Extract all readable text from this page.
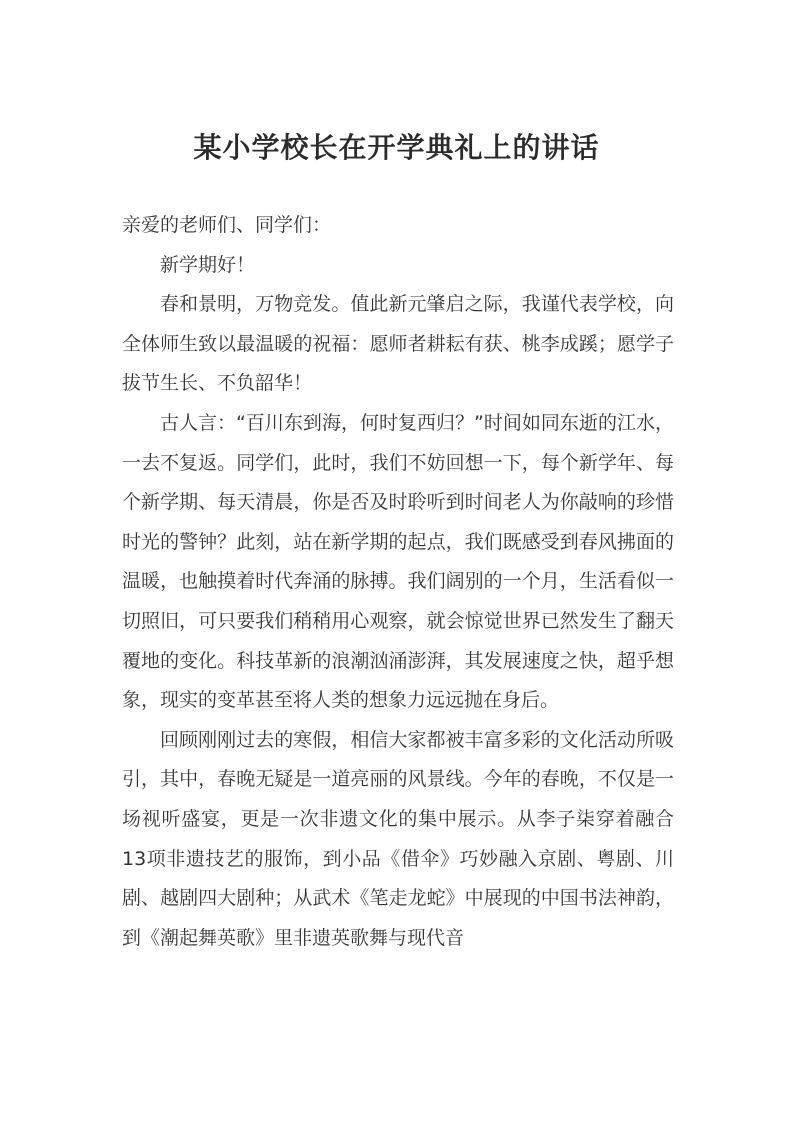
某小学校长在开学典礼上的讲话

亲爱的老师们、同学们：

新学期好！

春和景明，万物竞发。值此新元肇启之际，我谨代表学校，向全体师生致以最温暖的祝福：愿师者耕耘有获、桃李成蹊；愿学子拔节生长、不负韶华！

古人言：“百川东到海，何时复西归？”时间如同东逝的江水，一去不复返。同学们，此时，我们不妨回想一下，每个新学年、每个新学期、每天清晨，你是否及时聆听到时间老人为你敲响的珍惜时光的警钟？此刻，站在新学期的起点，我们既感受到春风拂面的温暖，也触摸着时代奔涌的脉搏。我们阔别的一个月，生活看似一切照旧，可只要我们稍稍用心观察，就会惊觉世界已然发生了翻天覆地的变化。科技革新的浪潮汹涌澎湃，其发展速度之快，超乎想象，现实的变革甚至将人类的想象力远远抛在身后。

回顾刚刚过去的寒假，相信大家都被丰富多彩的文化活动所吸引，其中，春晚无疑是一道亮丽的风景线。今年的春晚，不仅是一场视听盛宴，更是一次非遗文化的集中展示。从李子柒穿着融合13项非遗技艺的服饰，到小品《借伞》巧妙融入京剧、粤剧、川剧、越剧四大剧种；从武术《笔走龙蛇》中展现的中国书法神韵，到《潮起舞英歌》里非遗英歌舞与现代音
